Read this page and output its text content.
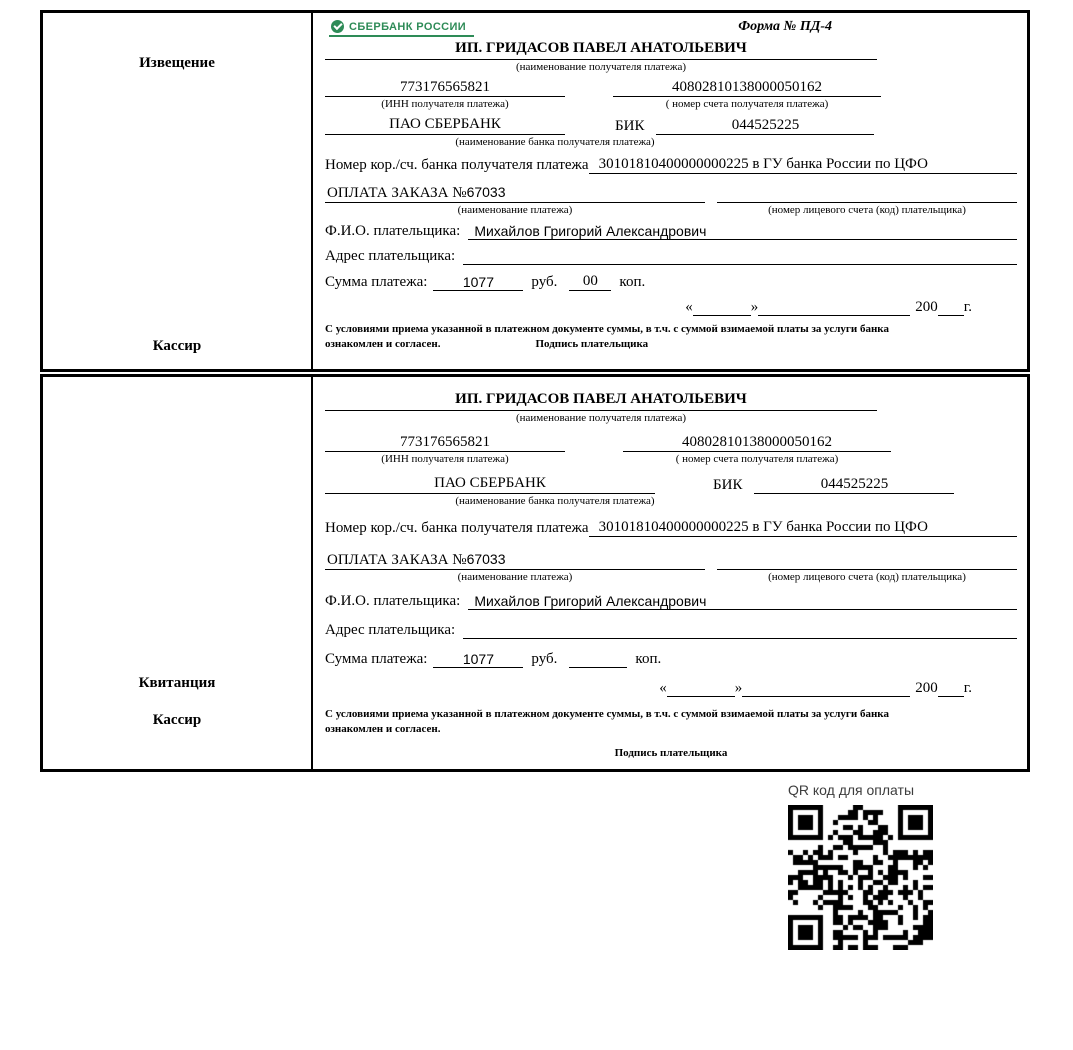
Извещение
Кассир
СБЕРБАНК РОССИИ	Форма № ПД-4
ИП. ГРИДАСОВ ПАВЕЛ АНАТОЛЬЕВИЧ
(наименование получателя платежа)
773176565821
(ИНН получателя платежа)
40802810138000050162
( номер счета получателя платежа)
ПАО СБЕРБАНК	БИК	044525225
(наименование банка получателя платежа)
Номер кор./сч. банка получателя платежа 30101810400000000225 в ГУ банка России по ЦФО
ОПЛАТА ЗАКАЗА №67033
(наименование платежа)	(номер лицевого счета (код) плательщика)
Ф.И.О. плательщика:	Михайлов Григорий Александрович
Адрес плательщика:
Сумма платежа:	1077	руб.	00	коп.
«	»	200 г.
С условиями приема указанной в платежном документе суммы, в т.ч. с суммой взимаемой платы за услуги банка
ознакомлен и согласен.	Подпись плательщика
Квитанция
Кассир
ИП. ГРИДАСОВ ПАВЕЛ АНАТОЛЬЕВИЧ
(наименование получателя платежа)
773176565821
(ИНН получателя платежа)
40802810138000050162
( номер счета получателя платежа)
ПАО СБЕРБАНК	БИК	044525225
(наименование банка получателя платежа)
Номер кор./сч. банка получателя платежа 30101810400000000225 в ГУ банка России по ЦФО
ОПЛАТА ЗАКАЗА №67033
(наименование платежа)	(номер лицевого счета (код) плательщика)
Ф.И.О. плательщика:	Михайлов Григорий Александрович
Адрес плательщика:
Сумма платежа:	1077	руб.	коп.
«	»	200 г.
С условиями приема указанной в платежном документе суммы, в т.ч. с суммой взимаемой платы за услуги банка
ознакомлен и согласен.
Подпись плательщика
QR код для оплаты
